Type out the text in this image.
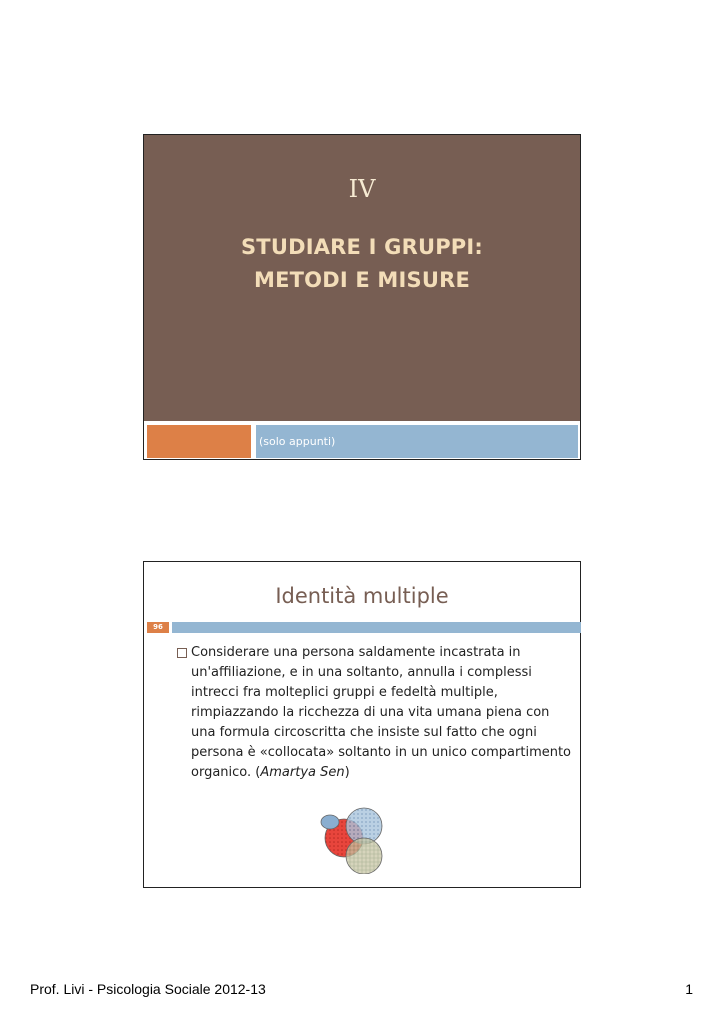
IV
STUDIARE I GRUPPI:
METODI E MISURE
(solo appunti)
Identità multiple
96
Considerare una persona saldamente incastrata in un'affiliazione, e in una soltanto, annulla i complessi intrecci fra molteplici gruppi e fedeltà multiple, rimpiazzando la ricchezza di una vita umana piena con una formula circoscritta che insiste sul fatto che ogni persona è «collocata» soltanto in un unico compartimento organico. (Amartya Sen)
Prof. Livi - Psicologia Sociale 2012-13	1
